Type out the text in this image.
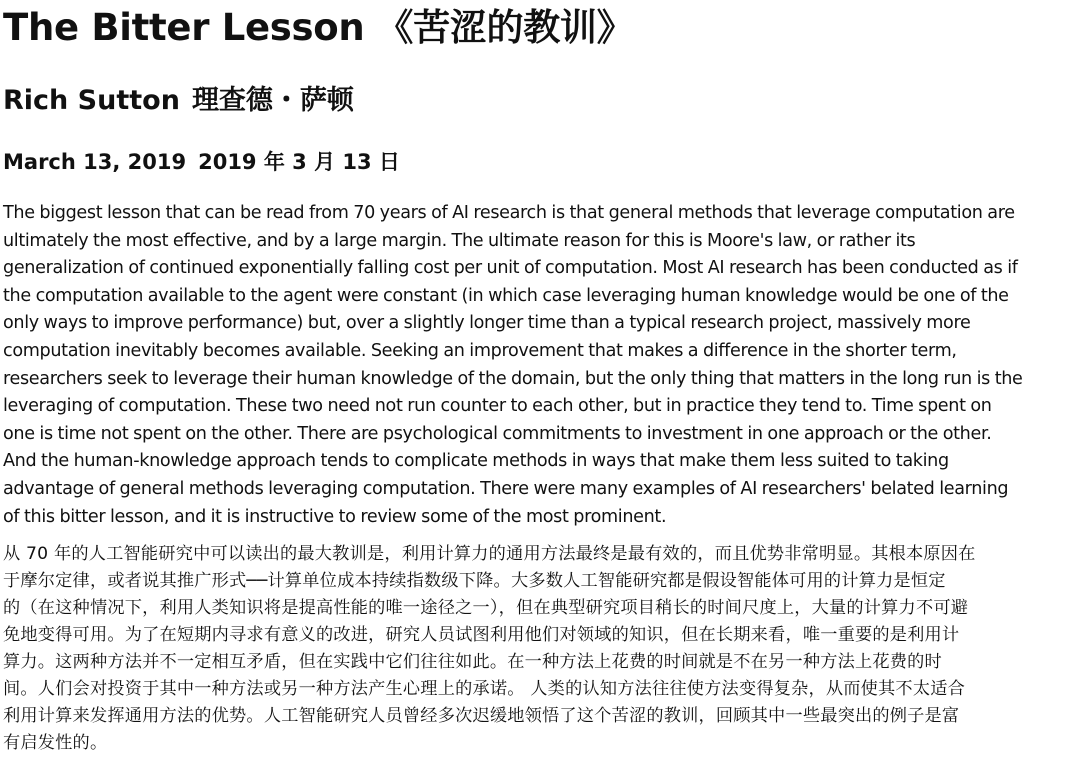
The Bitter Lesson 《苦涩的教训》
Rich Sutton 理查德・萨顿
March 13, 2019 2019 年 3 月 13 日

The biggest lesson that can be read from 70 years of AI research is that general methods that leverage computation are
ultimately the most effective, and by a large margin. The ultimate reason for this is Moore's law, or rather its
generalization of continued exponentially falling cost per unit of computation. Most AI research has been conducted as if
the computation available to the agent were constant (in which case leveraging human knowledge would be one of the
only ways to improve performance) but, over a slightly longer time than a typical research project, massively more
computation inevitably becomes available. Seeking an improvement that makes a difference in the shorter term,
researchers seek to leverage their human knowledge of the domain, but the only thing that matters in the long run is the
leveraging of computation. These two need not run counter to each other, but in practice they tend to. Time spent on
one is time not spent on the other. There are psychological commitments to investment in one approach or the other.
And the human-knowledge approach tends to complicate methods in ways that make them less suited to taking
advantage of general methods leveraging computation. There were many examples of AI researchers' belated learning
of this bitter lesson, and it is instructive to review some of the most prominent.

从 70 年的人工智能研究中可以读出的最大教训是，利用计算力的通用方法最终是最有效的，而且优势非常明显。其根本原因在
于摩尔定律，或者说其推广形式──计算单位成本持续指数级下降。大多数人工智能研究都是假设智能体可用的计算力是恒定
的（在这种情况下，利用人类知识将是提高性能的唯一途径之一），但在典型研究项目稍长的时间尺度上，大量的计算力不可避
免地变得可用。为了在短期内寻求有意义的改进，研究人员试图利用他们对领域的知识，但在长期来看，唯一重要的是利用计
算力。这两种方法并不一定相互矛盾，但在实践中它们往往如此。在一种方法上花费的时间就是不在另一种方法上花费的时
间。人们会对投资于其中一种方法或另一种方法产生心理上的承诺。 人类的认知方法往往使方法变得复杂，从而使其不太适合
利用计算来发挥通用方法的优势。人工智能研究人员曾经多次迟缓地领悟了这个苦涩的教训，回顾其中一些最突出的例子是富
有启发性的。
